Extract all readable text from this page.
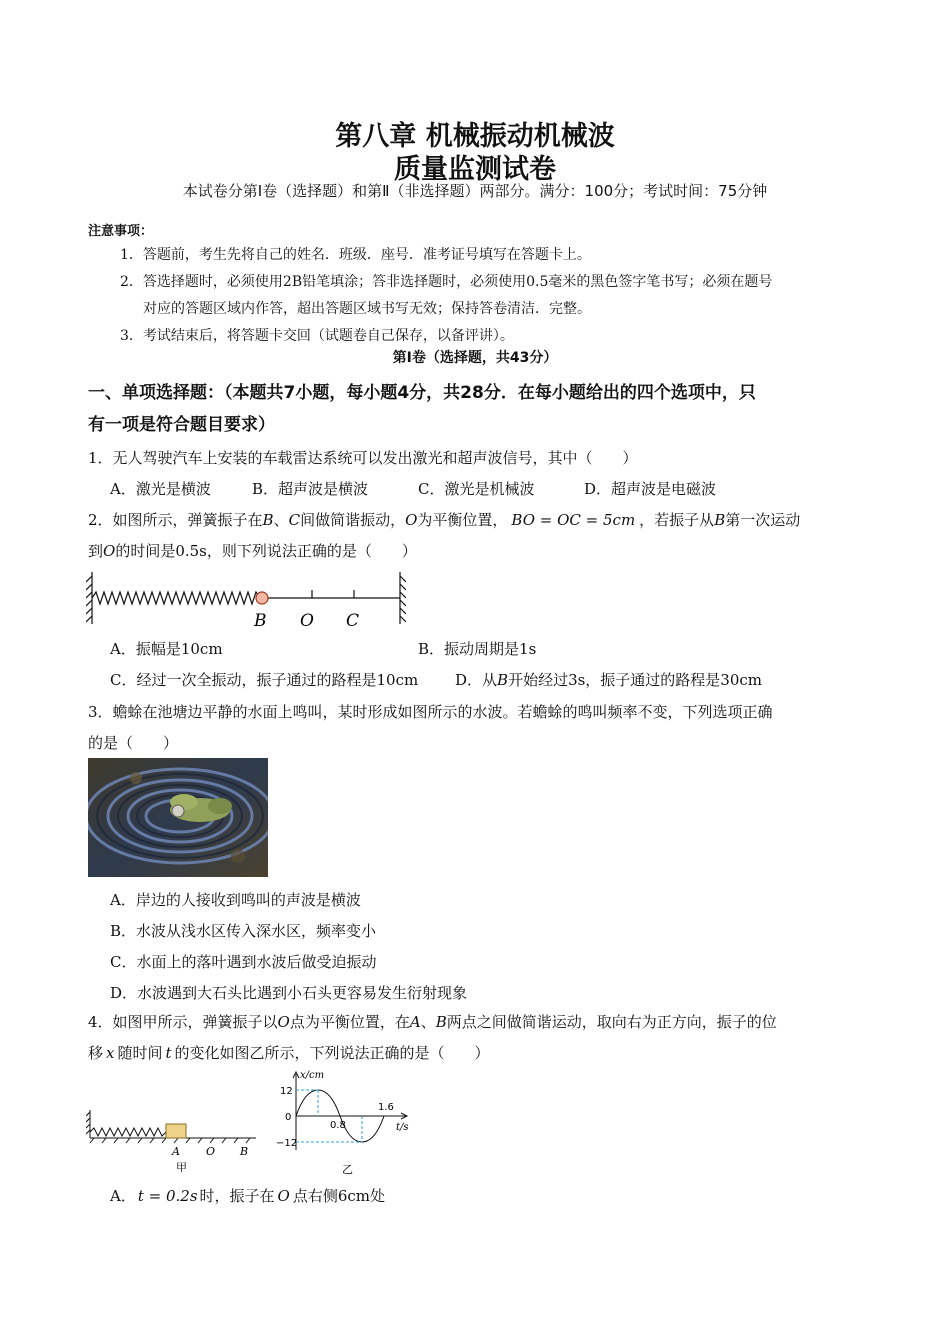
第八章 机械振动机械波
质量监测试卷
本试卷分第Ⅰ卷（选择题）和第Ⅱ（非选择题）两部分。满分：100分；考试时间：75分钟
注意事项：
1．答题前，考生先将自己的姓名．班级．座号．准考证号填写在答题卡上。
2．答选择题时，必须使用2B铅笔填涂；答非选择题时，必须使用0.5毫米的黑色签字笔书写；必须在题号
对应的答题区域内作答，超出答题区域书写无效；保持答卷清洁．完整。
3．考试结束后，将答题卡交回（试题卷自己保存，以备评讲）。
第Ⅰ卷（选择题，共43分）
一、单项选择题：（本题共7小题，每小题4分，共28分．在每小题给出的四个选项中，只
有一项是符合题目要求）
1．无人驾驶汽车上安装的车载雷达系统可以发出激光和超声波信号，其中（　　）
A．激光是横波	B．超声波是横波	C．激光是机械波	D．超声波是电磁波
2．如图所示，弹簧振子在B、C间做简谐振动，O为平衡位置， BO = OC = 5cm ，若振子从B第一次运动
到O的时间是0.5s，则下列说法正确的是（　　）
B O C
A．振幅是10cm	B．振动周期是1s
C．经过一次全振动，振子通过的路程是10cm D．从B开始经过3s，振子通过的路程是30cm
3．蟾蜍在池塘边平静的水面上鸣叫，某时形成如图所示的水波。若蟾蜍的鸣叫频率不变，下列选项正确
的是（　　）
A．岸边的人接收到鸣叫的声波是横波
B．水波从浅水区传入深水区，频率变小
C．水面上的落叶遇到水波后做受迫振动
D．水波遇到大石头比遇到小石头更容易发生衍射现象
4．如图甲所示，弹簧振子以O点为平衡位置，在A、B两点之间做简谐运动，取向右为正方向，振子的位
移 x 随时间 t 的变化如图乙所示，下列说法正确的是（　　）
A O B
甲
x/cm
t/s
12
0
−12
0.8
1.6
乙
A． t = 0.2s 时，振子在 O 点右侧6cm处
